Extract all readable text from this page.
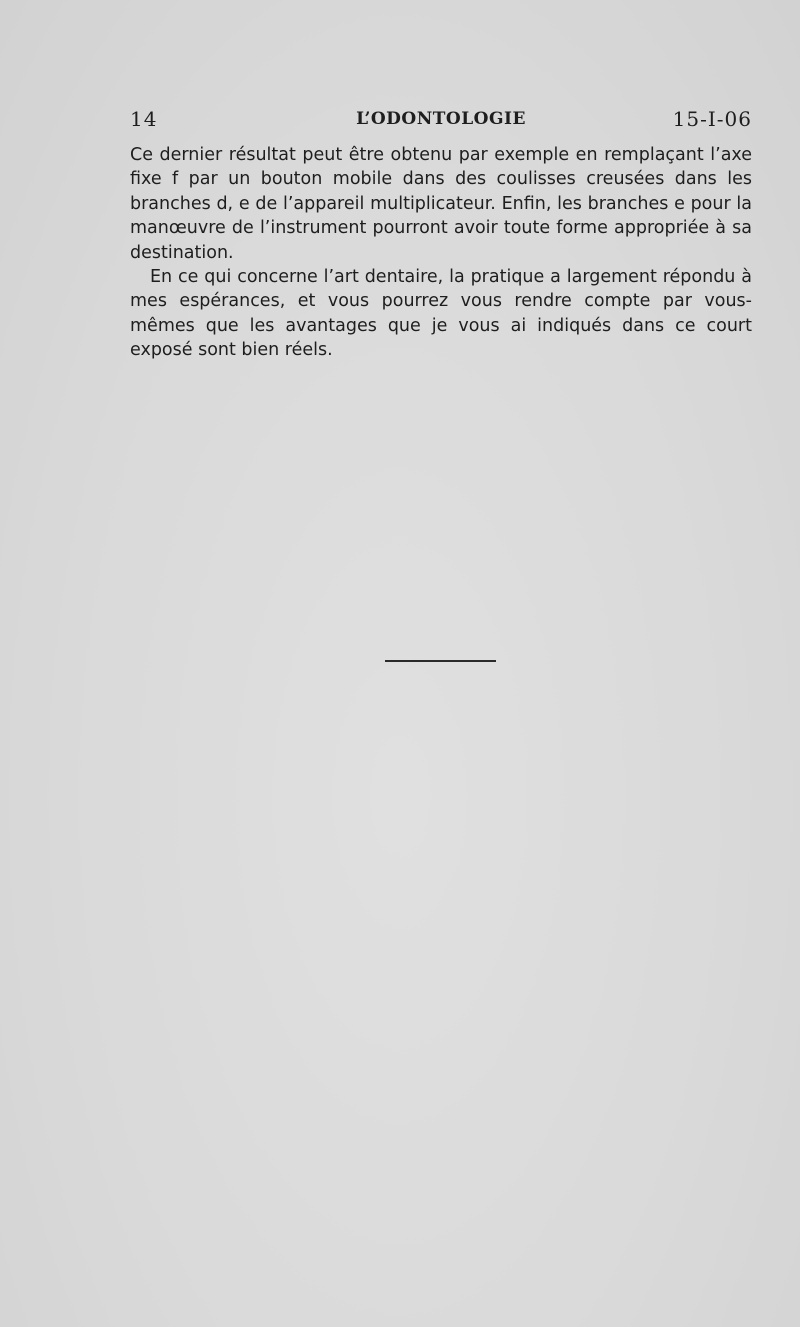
14	L’ODONTOLOGIE	15-I-06

Ce dernier résultat peut être obtenu par exemple en remplaçant l’axe fixe f par un bouton mobile dans des coulisses creusées dans les branches d, e de l’appareil multiplicateur. Enfin, les branches e pour la manœuvre de l’instrument pourront avoir toute forme appropriée à sa destination.

En ce qui concerne l’art dentaire, la pratique a largement répondu à mes espérances, et vous pourrez vous rendre compte par vous-mêmes que les avantages que je vous ai indiqués dans ce court exposé sont bien réels.
